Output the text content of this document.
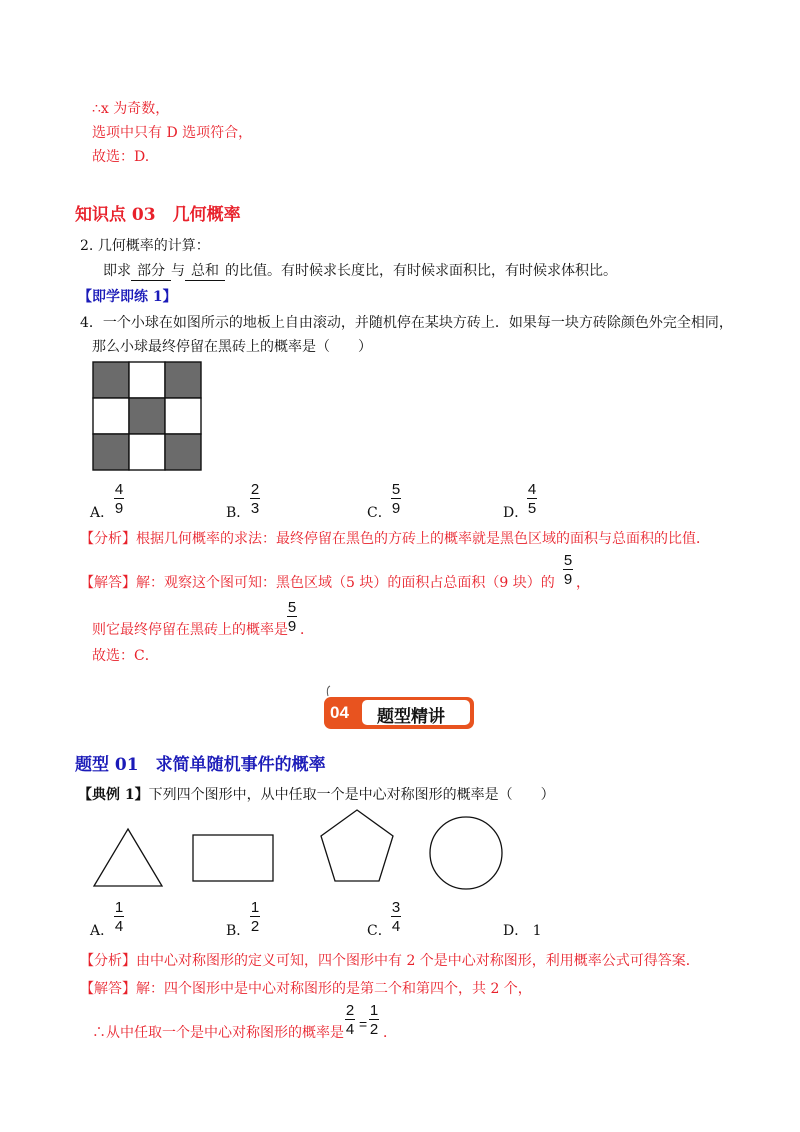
∴x 为奇数，
选项中只有 D 选项符合，
故选：D.
知识点 03　几何概率
2. 几何概率的计算：
即求 部分 与 总和 的比值。有时候求长度比，有时候求面积比，有时候求体积比。
【即学即练 1】
4．一个小球在如图所示的地板上自由滚动，并随机停在某块方砖上．如果每一块方砖除颜色外完全相同，
那么小球最终停留在黑砖上的概率是（　　）
A．
4
9	B．
2
3	C．
5
9	D．
4
5
【分析】根据几何概率的求法：最终停留在黑色的方砖上的概率就是黑色区域的面积与总面积的比值．
【解答】解：观察这个图可知：黑色区域（5 块）的面积占总面积（9 块）的
5
9 ，
则它最终停留在黑砖上的概率是
5
9 ．
故选：C．
04 题型精讲
题型 01　求简单随机事件的概率
【典例 1】下列四个图形中，从中任取一个是中心对称图形的概率是（　　）
A．
1
4	B．
1
2	C．
3
4	D． 1
【分析】由中心对称图形的定义可知，四个图形中有 2 个是中心对称图形，利用概率公式可得答案．
【解答】解：四个图形中是中心对称图形的是第二个和第四个，共 2 个，
∴从中任取一个是中心对称图形的概率是
2
4 =
1
2 ．
